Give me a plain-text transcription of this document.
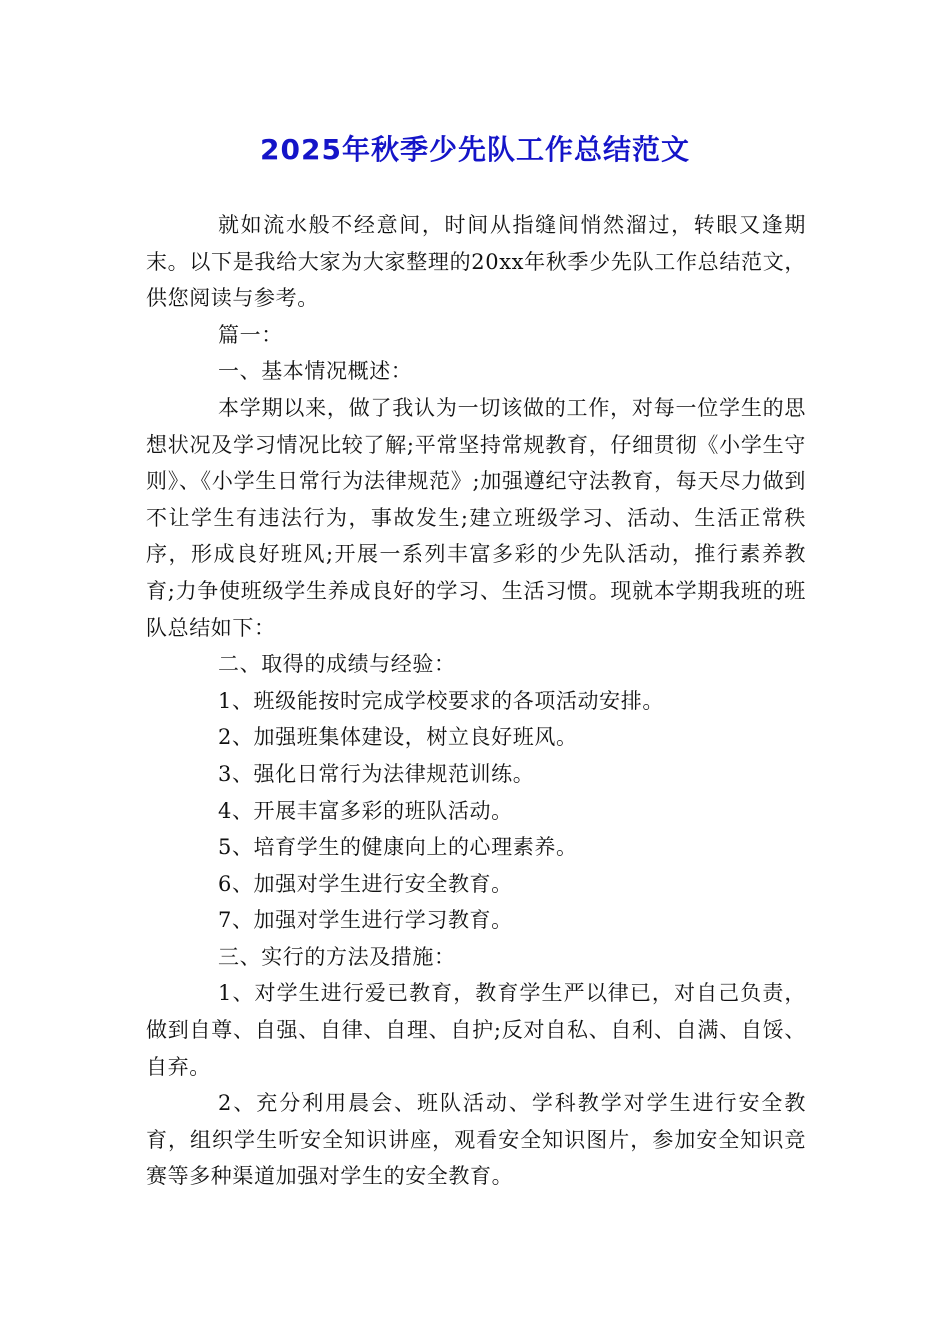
2025年秋季少先队工作总结范文

就如流水般不经意间，时间从指缝间悄然溜过，转眼又逢期末。以下是我给大家为大家整理的20xx年秋季少先队工作总结范文，供您阅读与参考。

篇一：

一、基本情况概述：

本学期以来，做了我认为一切该做的工作，对每一位学生的思想状况及学习情况比较了解;平常坚持常规教育，仔细贯彻《小学生守则》、《小学生日常行为法律规范》;加强遵纪守法教育，每天尽力做到不让学生有违法行为，事故发生;建立班级学习、活动、生活正常秩序，形成良好班风;开展一系列丰富多彩的少先队活动，推行素养教育;力争使班级学生养成良好的学习、生活习惯。现就本学期我班的班队总结如下：

二、取得的成绩与经验：

1、班级能按时完成学校要求的各项活动安排。

2、加强班集体建设，树立良好班风。

3、强化日常行为法律规范训练。

4、开展丰富多彩的班队活动。

5、培育学生的健康向上的心理素养。

6、加强对学生进行安全教育。

7、加强对学生进行学习教育。

三、实行的方法及措施：

1、对学生进行爱已教育，教育学生严以律已，对自己负责，做到自尊、自强、自律、自理、自护;反对自私、自利、自满、自馁、自弃。

2、充分利用晨会、班队活动、学科教学对学生进行安全教育，组织学生听安全知识讲座，观看安全知识图片，参加安全知识竞赛等多种渠道加强对学生的安全教育。
